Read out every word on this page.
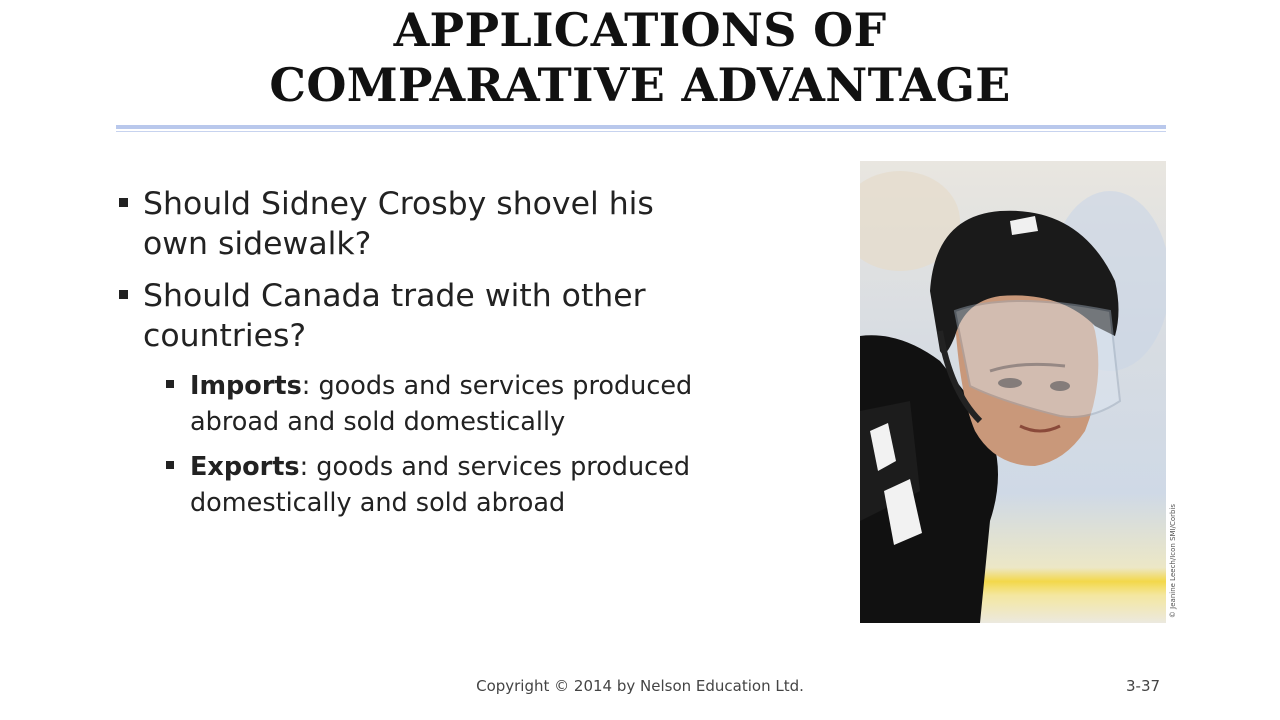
APPLICATIONS OF
COMPARATIVE ADVANTAGE
Should Sidney Crosby shovel his
own sidewalk?
Should Canada trade with other
countries?
Imports: goods and services produced
abroad and sold domestically
Exports: goods and services produced
domestically and sold abroad
© Jeanine Leech/Icon SMI/Corbis
Copyright © 2014 by Nelson Education Ltd.	3-37
